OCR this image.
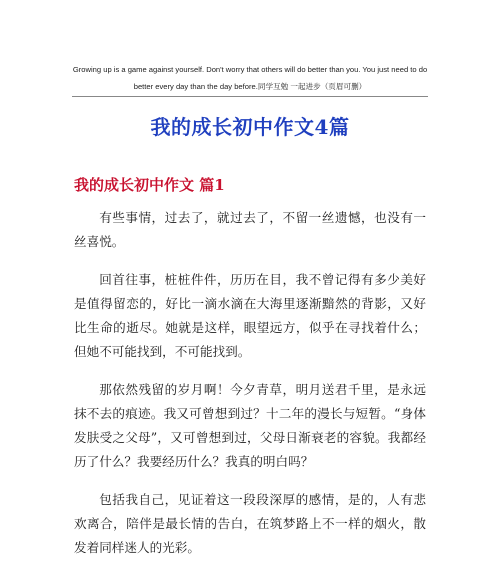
Growing up is a game against yourself. Don't worry that others will do better than you. You just need to do better every day than the day before.同学互勉 一起进步（页眉可删）
我的成长初中作文4篇
我的成长初中作文 篇1

有些事情，过去了，就过去了，不留一丝遗憾，也没有一丝喜悦。

回首往事，桩桩件件，历历在目，我不曾记得有多少美好是值得留恋的，好比一滴水滴在大海里逐渐黯然的背影，又好比生命的逝尽。她就是这样，眼望远方，似乎在寻找着什么；但她不可能找到，不可能找到。

那依然残留的岁月啊！今夕青草，明月送君千里，是永远抹不去的痕迹。我又可曾想到过？十二年的漫长与短暂。“身体发肤受之父母”，又可曾想到过，父母日渐衰老的容貌。我都经历了什么？我要经历什么？我真的明白吗？

包括我自己，见证着这一段段深厚的感情，是的，人有悲欢离合，陪伴是最长情的告白，在筑梦路上不一样的烟火，散发着同样迷人的光彩。
